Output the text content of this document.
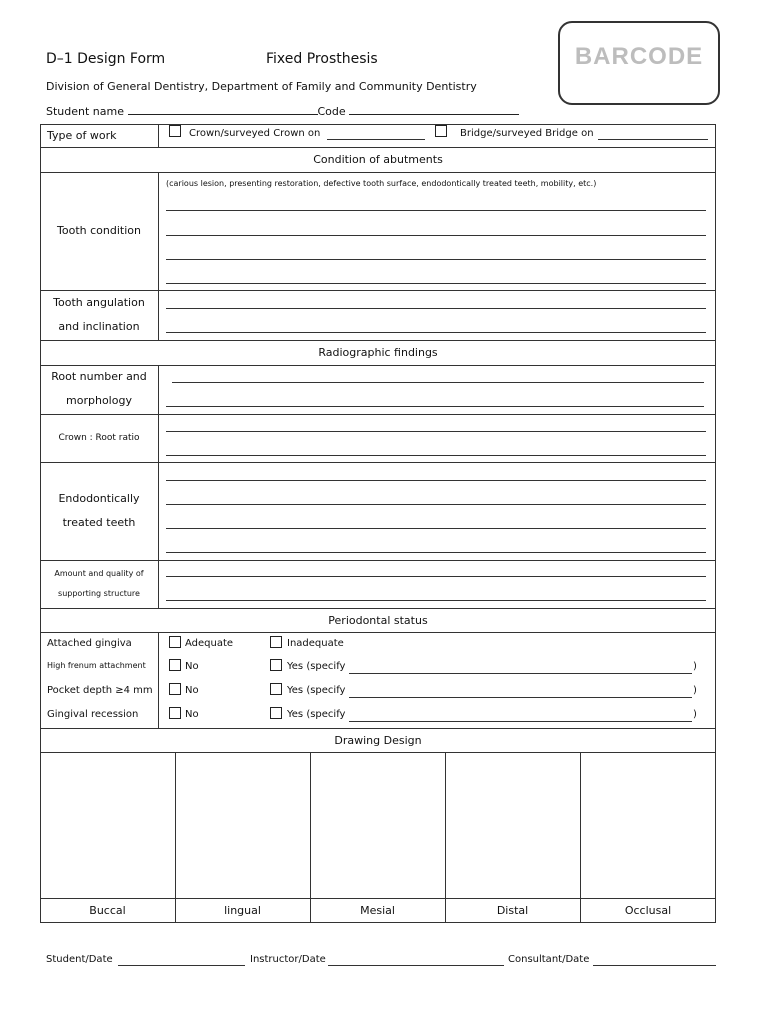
D–1 Design Form	Fixed Prosthesis
Division of General Dentistry, Department of Family and Community Dentistry
Student name	Code
BARCODE
Type of work	Crown/surveyed Crown on	Bridge/surveyed Bridge on
Condition of abutments
Tooth condition
(carious lesion, presenting restoration, defective tooth surface, endodontically treated teeth, mobility, etc.)
Tooth angulation
and inclination
Radiographic findings
Root number and
morphology
Crown : Root ratio
Endodontically
treated teeth
Amount and quality of
supporting structure
Periodontal status
Attached gingiva	Adequate	Inadequate
High frenum attachment	No	Yes (specify	)
Pocket depth ≥4 mm	No	Yes (specify	)
Gingival recession	No	Yes (specify	)
Drawing Design
Buccal	lingual	Mesial	Distal	Occlusal
Student/Date	Instructor/Date	Consultant/Date
